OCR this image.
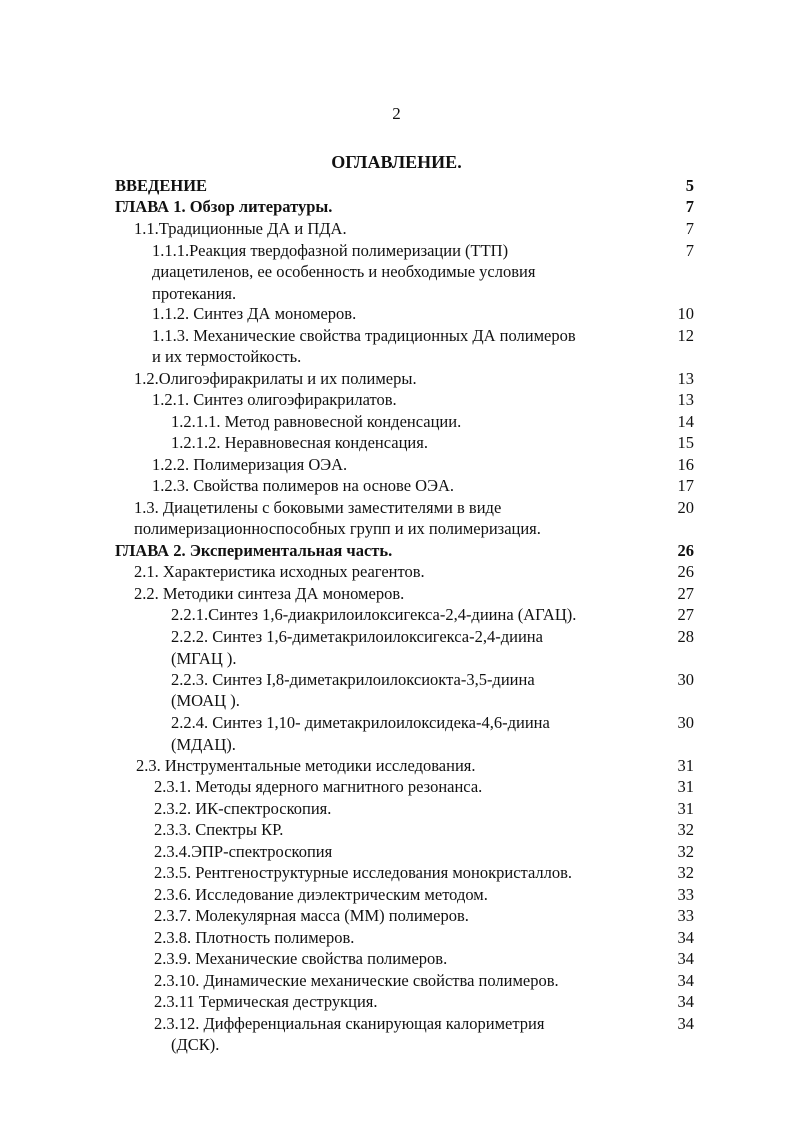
2
ОГЛАВЛЕНИЕ.
ВВЕДЕНИЕ	5
ГЛАВА 1. Обзор литературы.	7
1.1.Традиционные ДА и ПДА.	7
1.1.1.Реакция твердофазной полимеризации (ТТП)	7
диацетиленов, ее особенность и необходимые условия
протекания.
1.1.2. Синтез ДА мономеров.	10
1.1.3. Механические свойства традиционных ДА полимеров	12
и их термостойкость.
1.2.Олигоэфиракрилаты и их полимеры.	13
1.2.1. Синтез олигоэфиракрилатов.	13
1.2.1.1. Метод равновесной конденсации.	14
1.2.1.2. Неравновесная конденсация.	15
1.2.2. Полимеризация ОЭА.	16
1.2.3. Свойства полимеров на основе ОЭА.	17
1.3. Диацетилены с боковыми заместителями в виде	20
полимеризационноспособных групп и их полимеризация.
ГЛАВА 2. Экспериментальная часть.	26
2.1. Характеристика исходных реагентов.	26
2.2. Методики синтеза ДА мономеров.	27
2.2.1.Синтез 1,6-диакрилоилоксигекса-2,4-диина (АГАЦ).	27
2.2.2. Синтез 1,6-диметакрилоилоксигекса-2,4-диина	28
(МГАЦ ).
2.2.3. Синтез I,8-диметакрилоилоксиокта-3,5-диина	30
(МОАЦ ).
2.2.4. Синтез 1,10- диметакрилоилоксидека-4,6-диина	30
(МДАЦ).
2.3. Инструментальные методики исследования.	31
2.3.1. Методы ядерного магнитного резонанса.	31
2.3.2. ИК-спектроскопия.	31
2.3.3. Спектры КР.	32
2.3.4.ЭПР-спектроскопия	32
2.3.5. Рентгеноструктурные исследования монокристаллов.	32
2.3.6. Исследование диэлектрическим методом.	33
2.3.7. Молекулярная масса (ММ) полимеров.	33
2.3.8. Плотность полимеров.	34
2.3.9. Механические свойства полимеров.	34
2.3.10. Динамические механические свойства полимеров.	34
2.3.11 Термическая деструкция.	34
2.3.12. Дифференциальная сканирующая калориметрия	34
(ДСК).
